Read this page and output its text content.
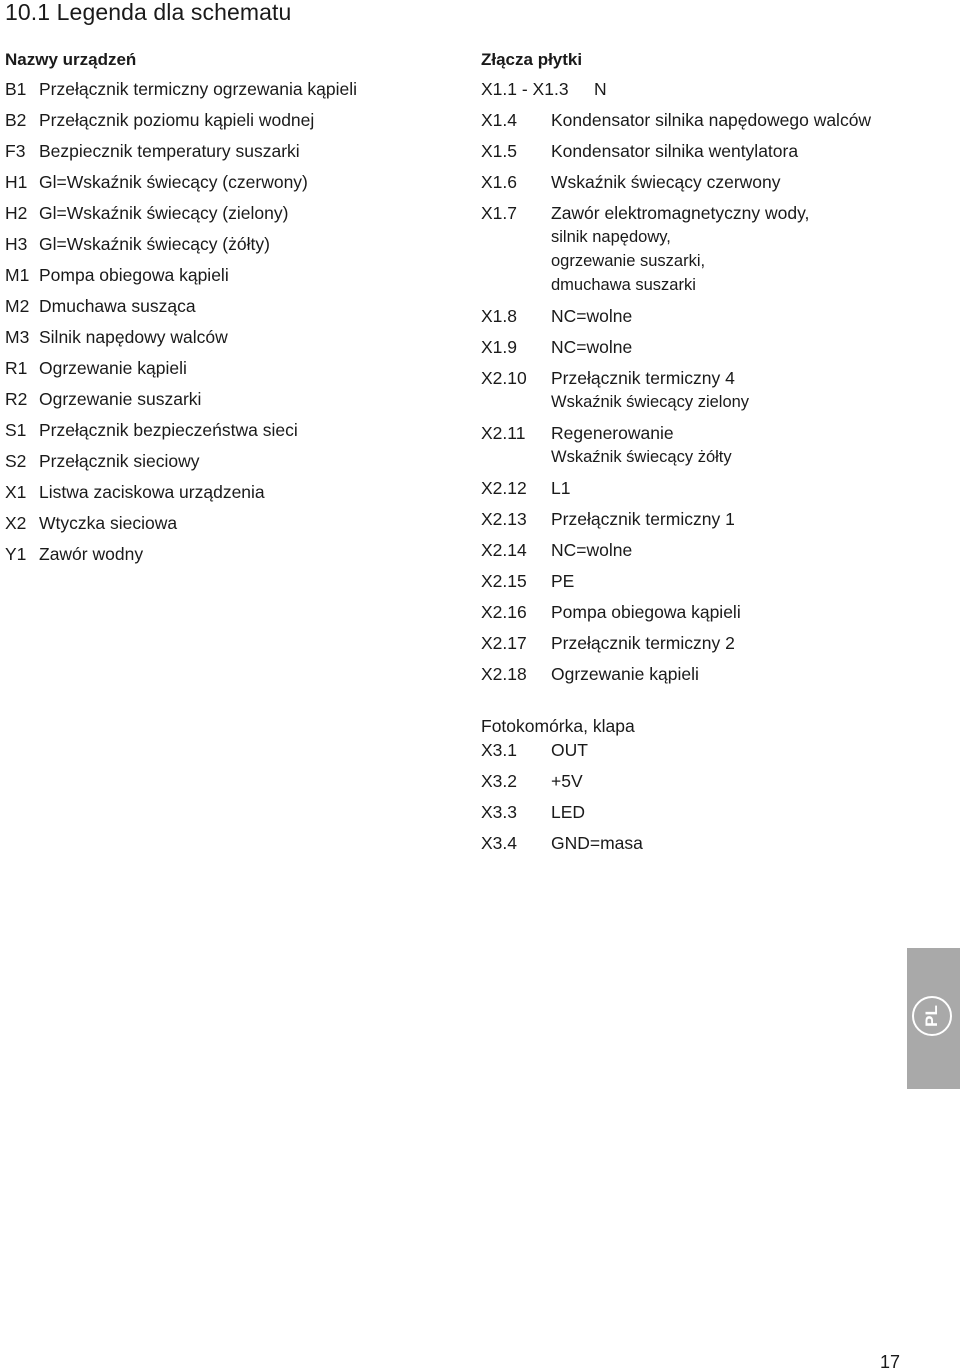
10.1 Legenda dla schematu
Nazwy urządzeń
B1 Przełącznik termiczny ogrzewania kąpieli
B2 Przełącznik poziomu kąpieli wodnej
F3 Bezpiecznik temperatury suszarki
H1 Gl=Wskaźnik świecący (czerwony)
H2 Gl=Wskaźnik świecący (zielony)
H3 Gl=Wskaźnik świecący (żółty)
M1 Pompa obiegowa kąpieli
M2 Dmuchawa susząca
M3 Silnik napędowy walców
R1 Ogrzewanie kąpieli
R2 Ogrzewanie suszarki
S1 Przełącznik bezpieczeństwa sieci
S2 Przełącznik sieciowy
X1 Listwa zaciskowa urządzenia
X2 Wtyczka sieciowa
Y1 Zawór wodny
Złącza płytki
X1.1 - X1.3	N
X1.4	Kondensator silnika napędowego walców
X1.5	Kondensator silnika wentylatora
X1.6	Wskaźnik świecący czerwony
X1.7	Zawór elektromagnetyczny wody,
silnik napędowy,
ogrzewanie suszarki,
dmuchawa suszarki
X1.8	NC=wolne
X1.9	NC=wolne
X2.10	Przełącznik termiczny 4
Wskaźnik świecący zielony
X2.11	Regenerowanie
Wskaźnik świecący żółty
X2.12	L1
X2.13	Przełącznik termiczny 1
X2.14	NC=wolne
X2.15	PE
X2.16	Pompa obiegowa kąpieli
X2.17	Przełącznik termiczny 2
X2.18	Ogrzewanie kąpieli
Fotokomórka, klapa
X3.1	OUT
X3.2	+5V
X3.3	LED
X3.4	GND=masa
PL
17
